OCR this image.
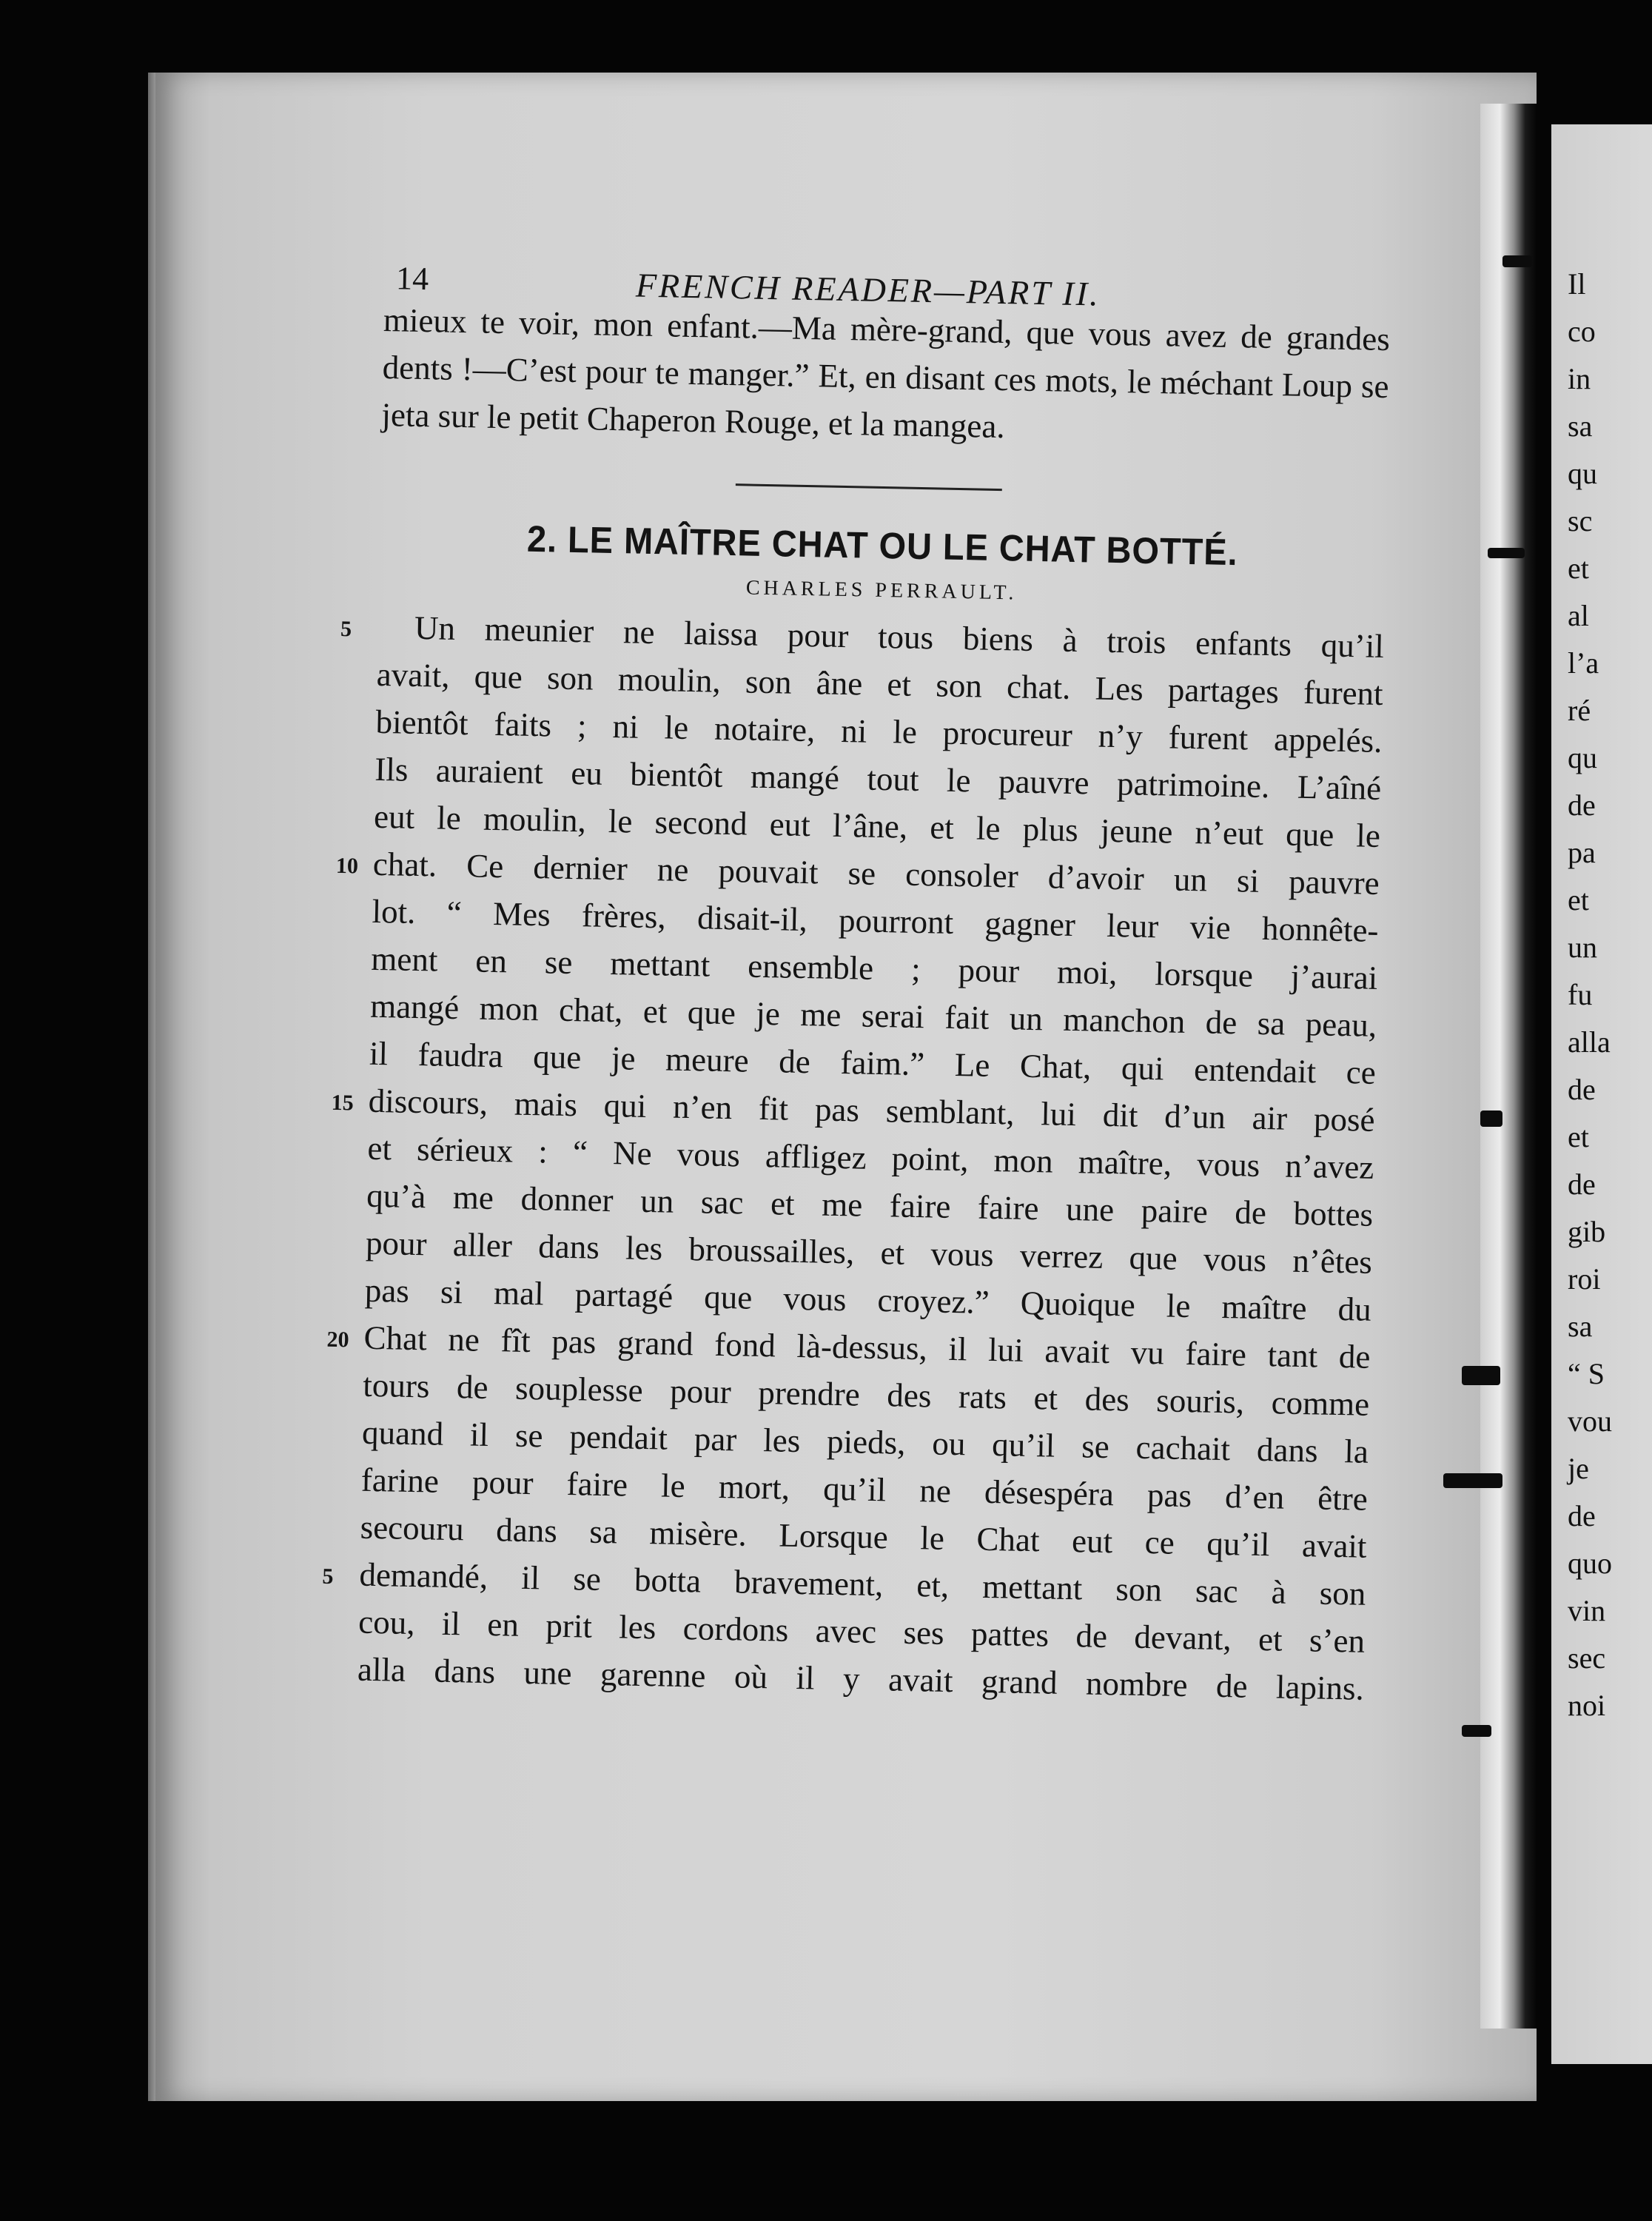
Il
co
in
sa
qu
sc
et
al
l’a
ré
qu
de
pa
et
un
fu
alla
de
et
de
gib
roi
sa
“ S
vou
je
de
quo
vin
sec
noi
14	FRENCH READER—PART II.

mieux te voir, mon enfant.—Ma mère-grand, que vous avez de grandes dents !—C’est pour te manger.” Et, en disant ces mots, le méchant Loup se jeta sur le petit Chaperon Rouge, et la mangea.

2. LE MAÎTRE CHAT OU LE CHAT BOTTÉ.
CHARLES PERRAULT.
5 Un meunier ne laissa pour tous biens à trois enfants qu’il
avait, que son moulin, son âne et son chat. Les partages furent
bientôt faits ; ni le notaire, ni le procureur n’y furent appelés.
Ils auraient eu bientôt mangé tout le pauvre patrimoine. L’aîné
eut le moulin, le second eut l’âne, et le plus jeune n’eut que le
10 chat. Ce dernier ne pouvait se consoler d’avoir un si pauvre
lot. “ Mes frères, disait-il, pourront gagner leur vie honnête-
ment en se mettant ensemble ; pour moi, lorsque j’aurai
mangé mon chat, et que je me serai fait un manchon de sa peau,
il faudra que je meure de faim.” Le Chat, qui entendait ce
15 discours, mais qui n’en fit pas semblant, lui dit d’un air posé
et sérieux : “ Ne vous affligez point, mon maître, vous n’avez
qu’à me donner un sac et me faire faire une paire de bottes
pour aller dans les broussailles, et vous verrez que vous n’êtes
pas si mal partagé que vous croyez.” Quoique le maître du
20 Chat ne fît pas grand fond là-dessus, il lui avait vu faire tant de
tours de souplesse pour prendre des rats et des souris, comme
quand il se pendait par les pieds, ou qu’il se cachait dans la
farine pour faire le mort, qu’il ne désespéra pas d’en être
secouru dans sa misère. Lorsque le Chat eut ce qu’il avait
5 demandé, il se botta bravement, et, mettant son sac à son
cou, il en prit les cordons avec ses pattes de devant, et s’en
alla dans une garenne où il y avait grand nombre de lapins.
